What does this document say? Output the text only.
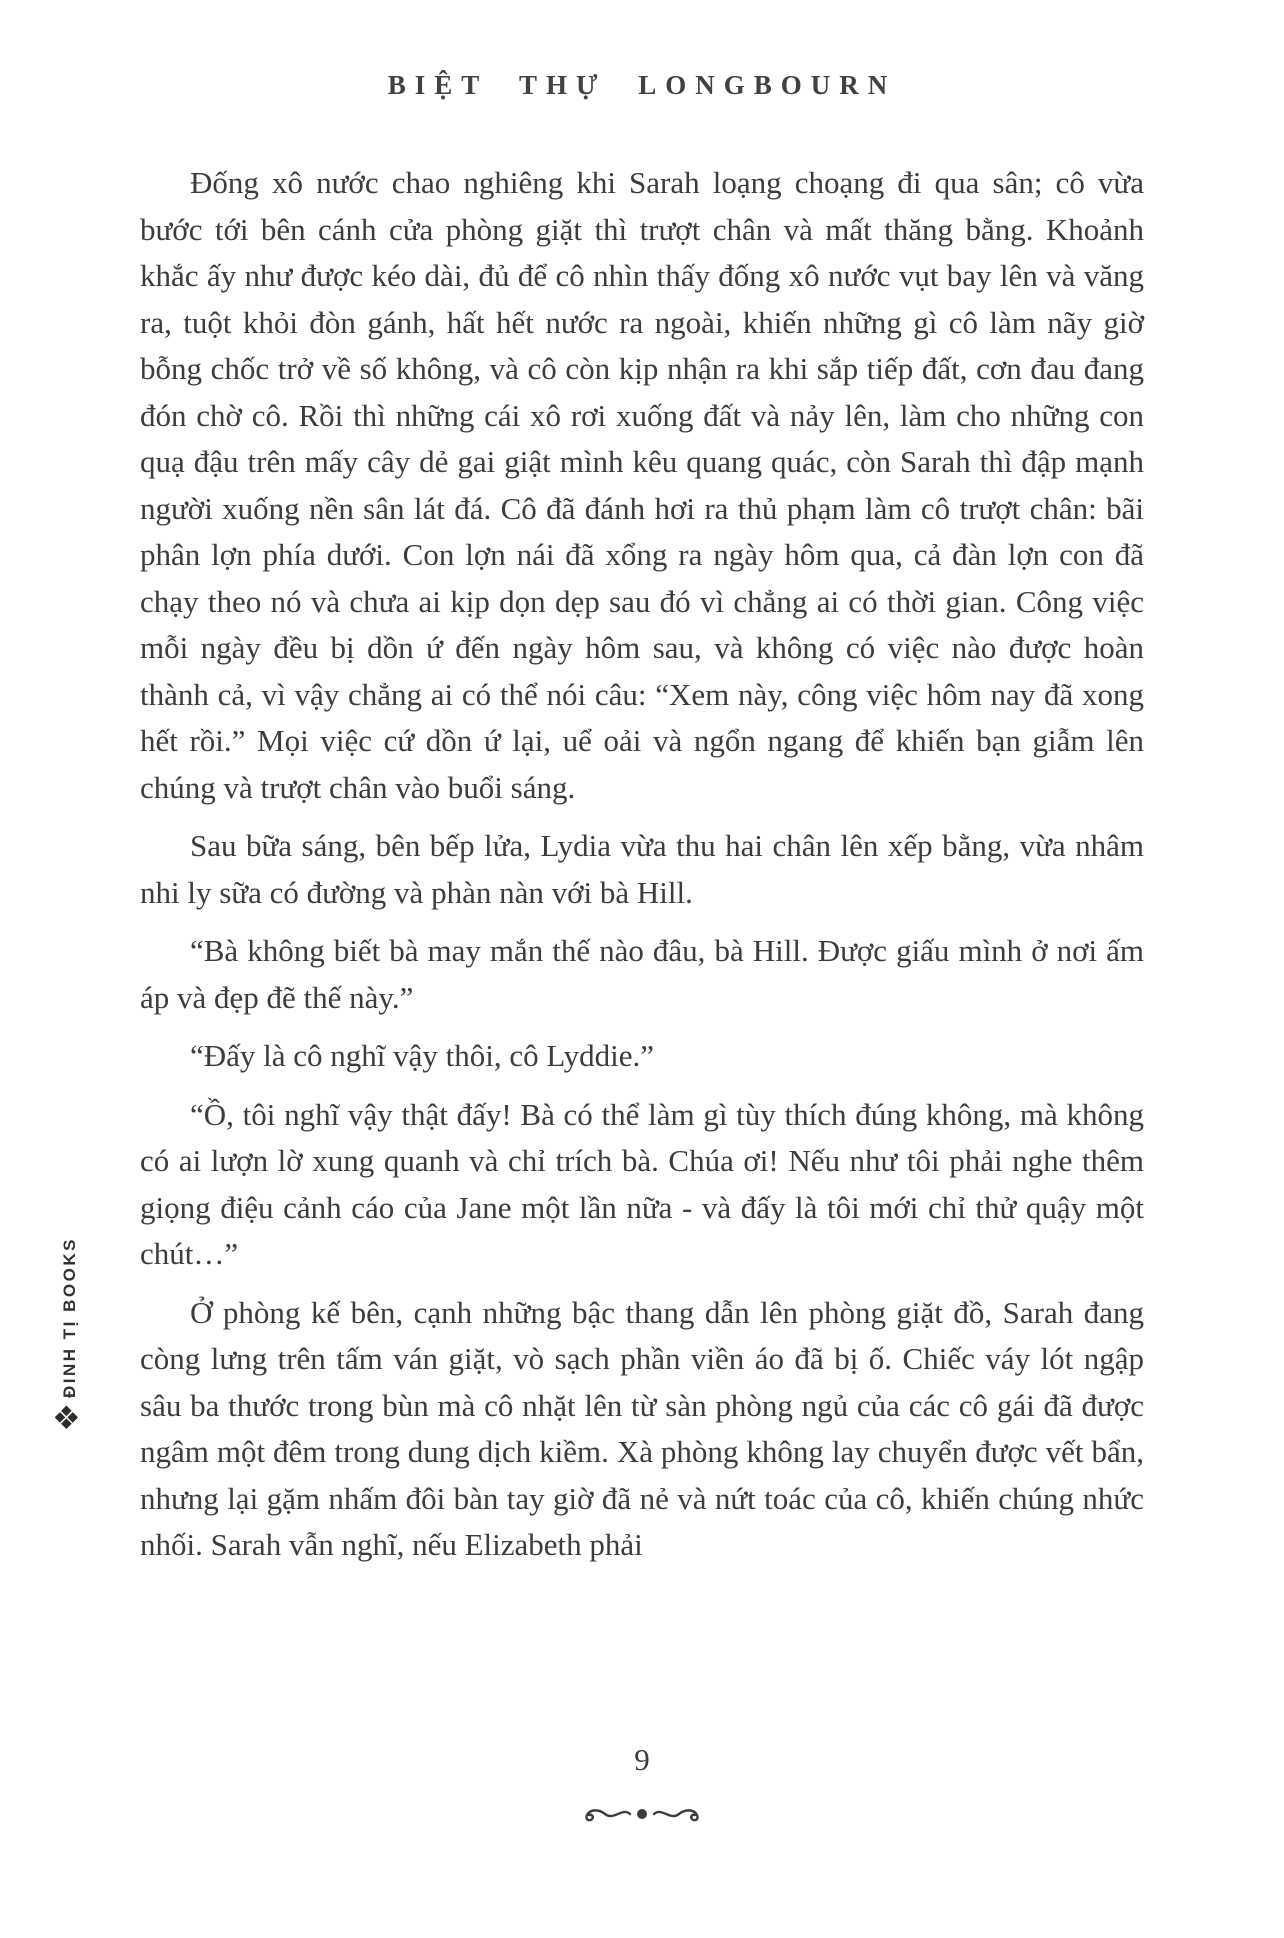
BIỆT THỰ LONGBOURN

Đống xô nước chao nghiêng khi Sarah loạng choạng đi qua sân; cô vừa bước tới bên cánh cửa phòng giặt thì trượt chân và mất thăng bằng. Khoảnh khắc ấy như được kéo dài, đủ để cô nhìn thấy đống xô nước vụt bay lên và văng ra, tuột khỏi đòn gánh, hất hết nước ra ngoài, khiến những gì cô làm nãy giờ bỗng chốc trở về số không, và cô còn kịp nhận ra khi sắp tiếp đất, cơn đau đang đón chờ cô. Rồi thì những cái xô rơi xuống đất và nảy lên, làm cho những con quạ đậu trên mấy cây dẻ gai giật mình kêu quang quác, còn Sarah thì đập mạnh người xuống nền sân lát đá. Cô đã đánh hơi ra thủ phạm làm cô trượt chân: bãi phân lợn phía dưới. Con lợn nái đã xổng ra ngày hôm qua, cả đàn lợn con đã chạy theo nó và chưa ai kịp dọn dẹp sau đó vì chẳng ai có thời gian. Công việc mỗi ngày đều bị dồn ứ đến ngày hôm sau, và không có việc nào được hoàn thành cả, vì vậy chẳng ai có thể nói câu: “Xem này, công việc hôm nay đã xong hết rồi.” Mọi việc cứ dồn ứ lại, uể oải và ngổn ngang để khiến bạn giẫm lên chúng và trượt chân vào buổi sáng.

Sau bữa sáng, bên bếp lửa, Lydia vừa thu hai chân lên xếp bằng, vừa nhâm nhi ly sữa có đường và phàn nàn với bà Hill.

“Bà không biết bà may mắn thế nào đâu, bà Hill. Được giấu mình ở nơi ấm áp và đẹp đẽ thế này.”

“Đấy là cô nghĩ vậy thôi, cô Lyddie.”

“Ồ, tôi nghĩ vậy thật đấy! Bà có thể làm gì tùy thích đúng không, mà không có ai lượn lờ xung quanh và chỉ trích bà. Chúa ơi! Nếu như tôi phải nghe thêm giọng điệu cảnh cáo của Jane một lần nữa - và đấy là tôi mới chỉ thử quậy một chút…”

Ở phòng kế bên, cạnh những bậc thang dẫn lên phòng giặt đồ, Sarah đang còng lưng trên tấm ván giặt, vò sạch phần viền áo đã bị ố. Chiếc váy lót ngập sâu ba thước trong bùn mà cô nhặt lên từ sàn phòng ngủ của các cô gái đã được ngâm một đêm trong dung dịch kiềm. Xà phòng không lay chuyển được vết bẩn, nhưng lại gặm nhấm đôi bàn tay giờ đã nẻ và nứt toác của cô, khiến chúng nhức nhối. Sarah vẫn nghĩ, nếu Elizabeth phải

ĐINH TỊ BOOKS
❖
9
